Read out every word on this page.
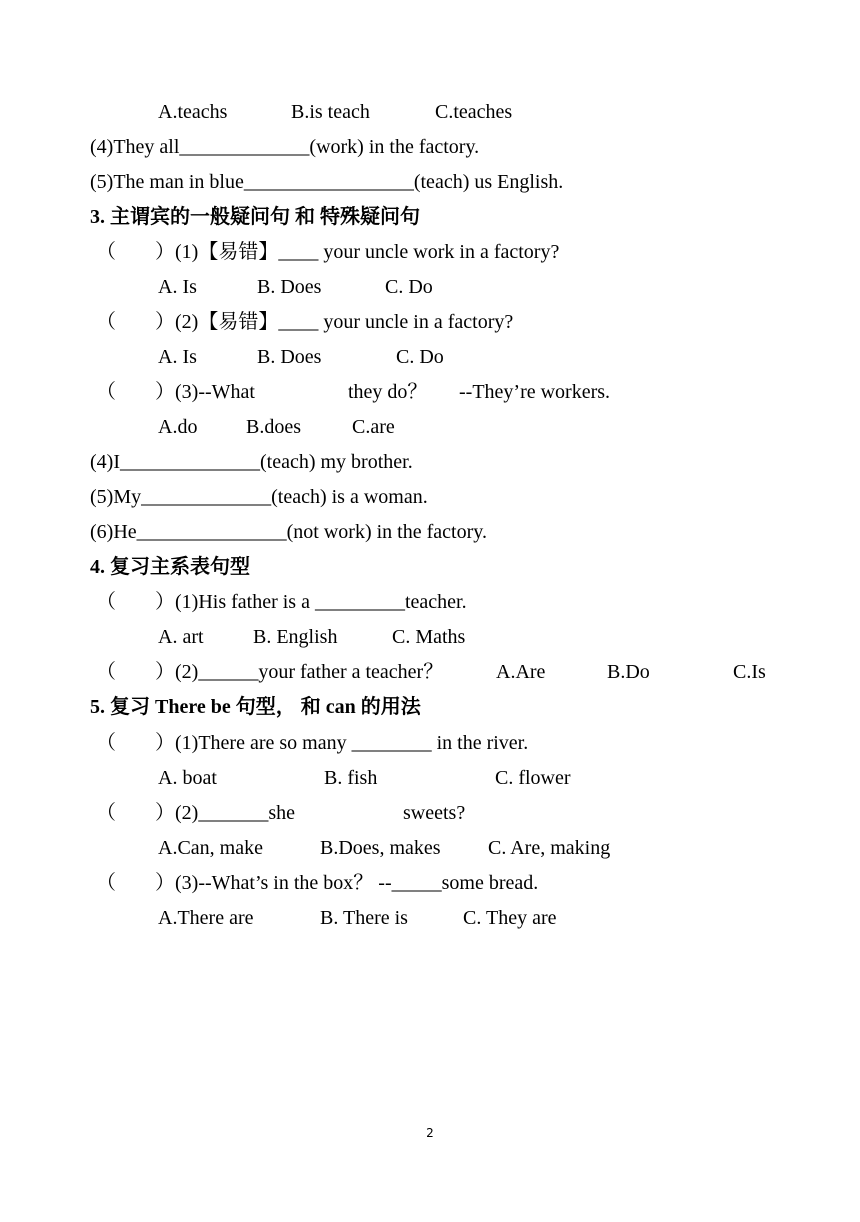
A.teachs	B.is teach	C.teaches
(4)They all_____________(work) in the factory.
(5)The man in blue_________________(teach) us English.
3. 主谓宾的一般疑问句 和 特殊疑问句
（ ）(1)【易错】____ your uncle work in a factory?
A. Is	B. Does	C. Do
（ ）(2)【易错】____ your uncle in a factory?
A. Is	B. Does	C. Do
（ ）(3)--What	they do？ --They’re workers.
A.do B.does	C.are
(4)I______________(teach) my brother.
(5)My_____________(teach) is a woman.
(6)He_______________(not work) in the factory.
4. 复习主系表句型
（ ）(1)His father is a _________teacher.
A. art B. English	C. Maths
（ ）(2)______your father a teacher？	A.Are	B.Do	C.Is
5. 复习 There be 句型， 和 can 的用法
（ ）(1)There are so many ________ in the river.
A. boat	B. fish	C. flower
（ ）(2)_______she	sweets?
A.Can, make	B.Does, makes C. Are, making
（ ）(3)--What’s in the box？ --_____some bread.
A.There are	B. There is	C. They are
2
